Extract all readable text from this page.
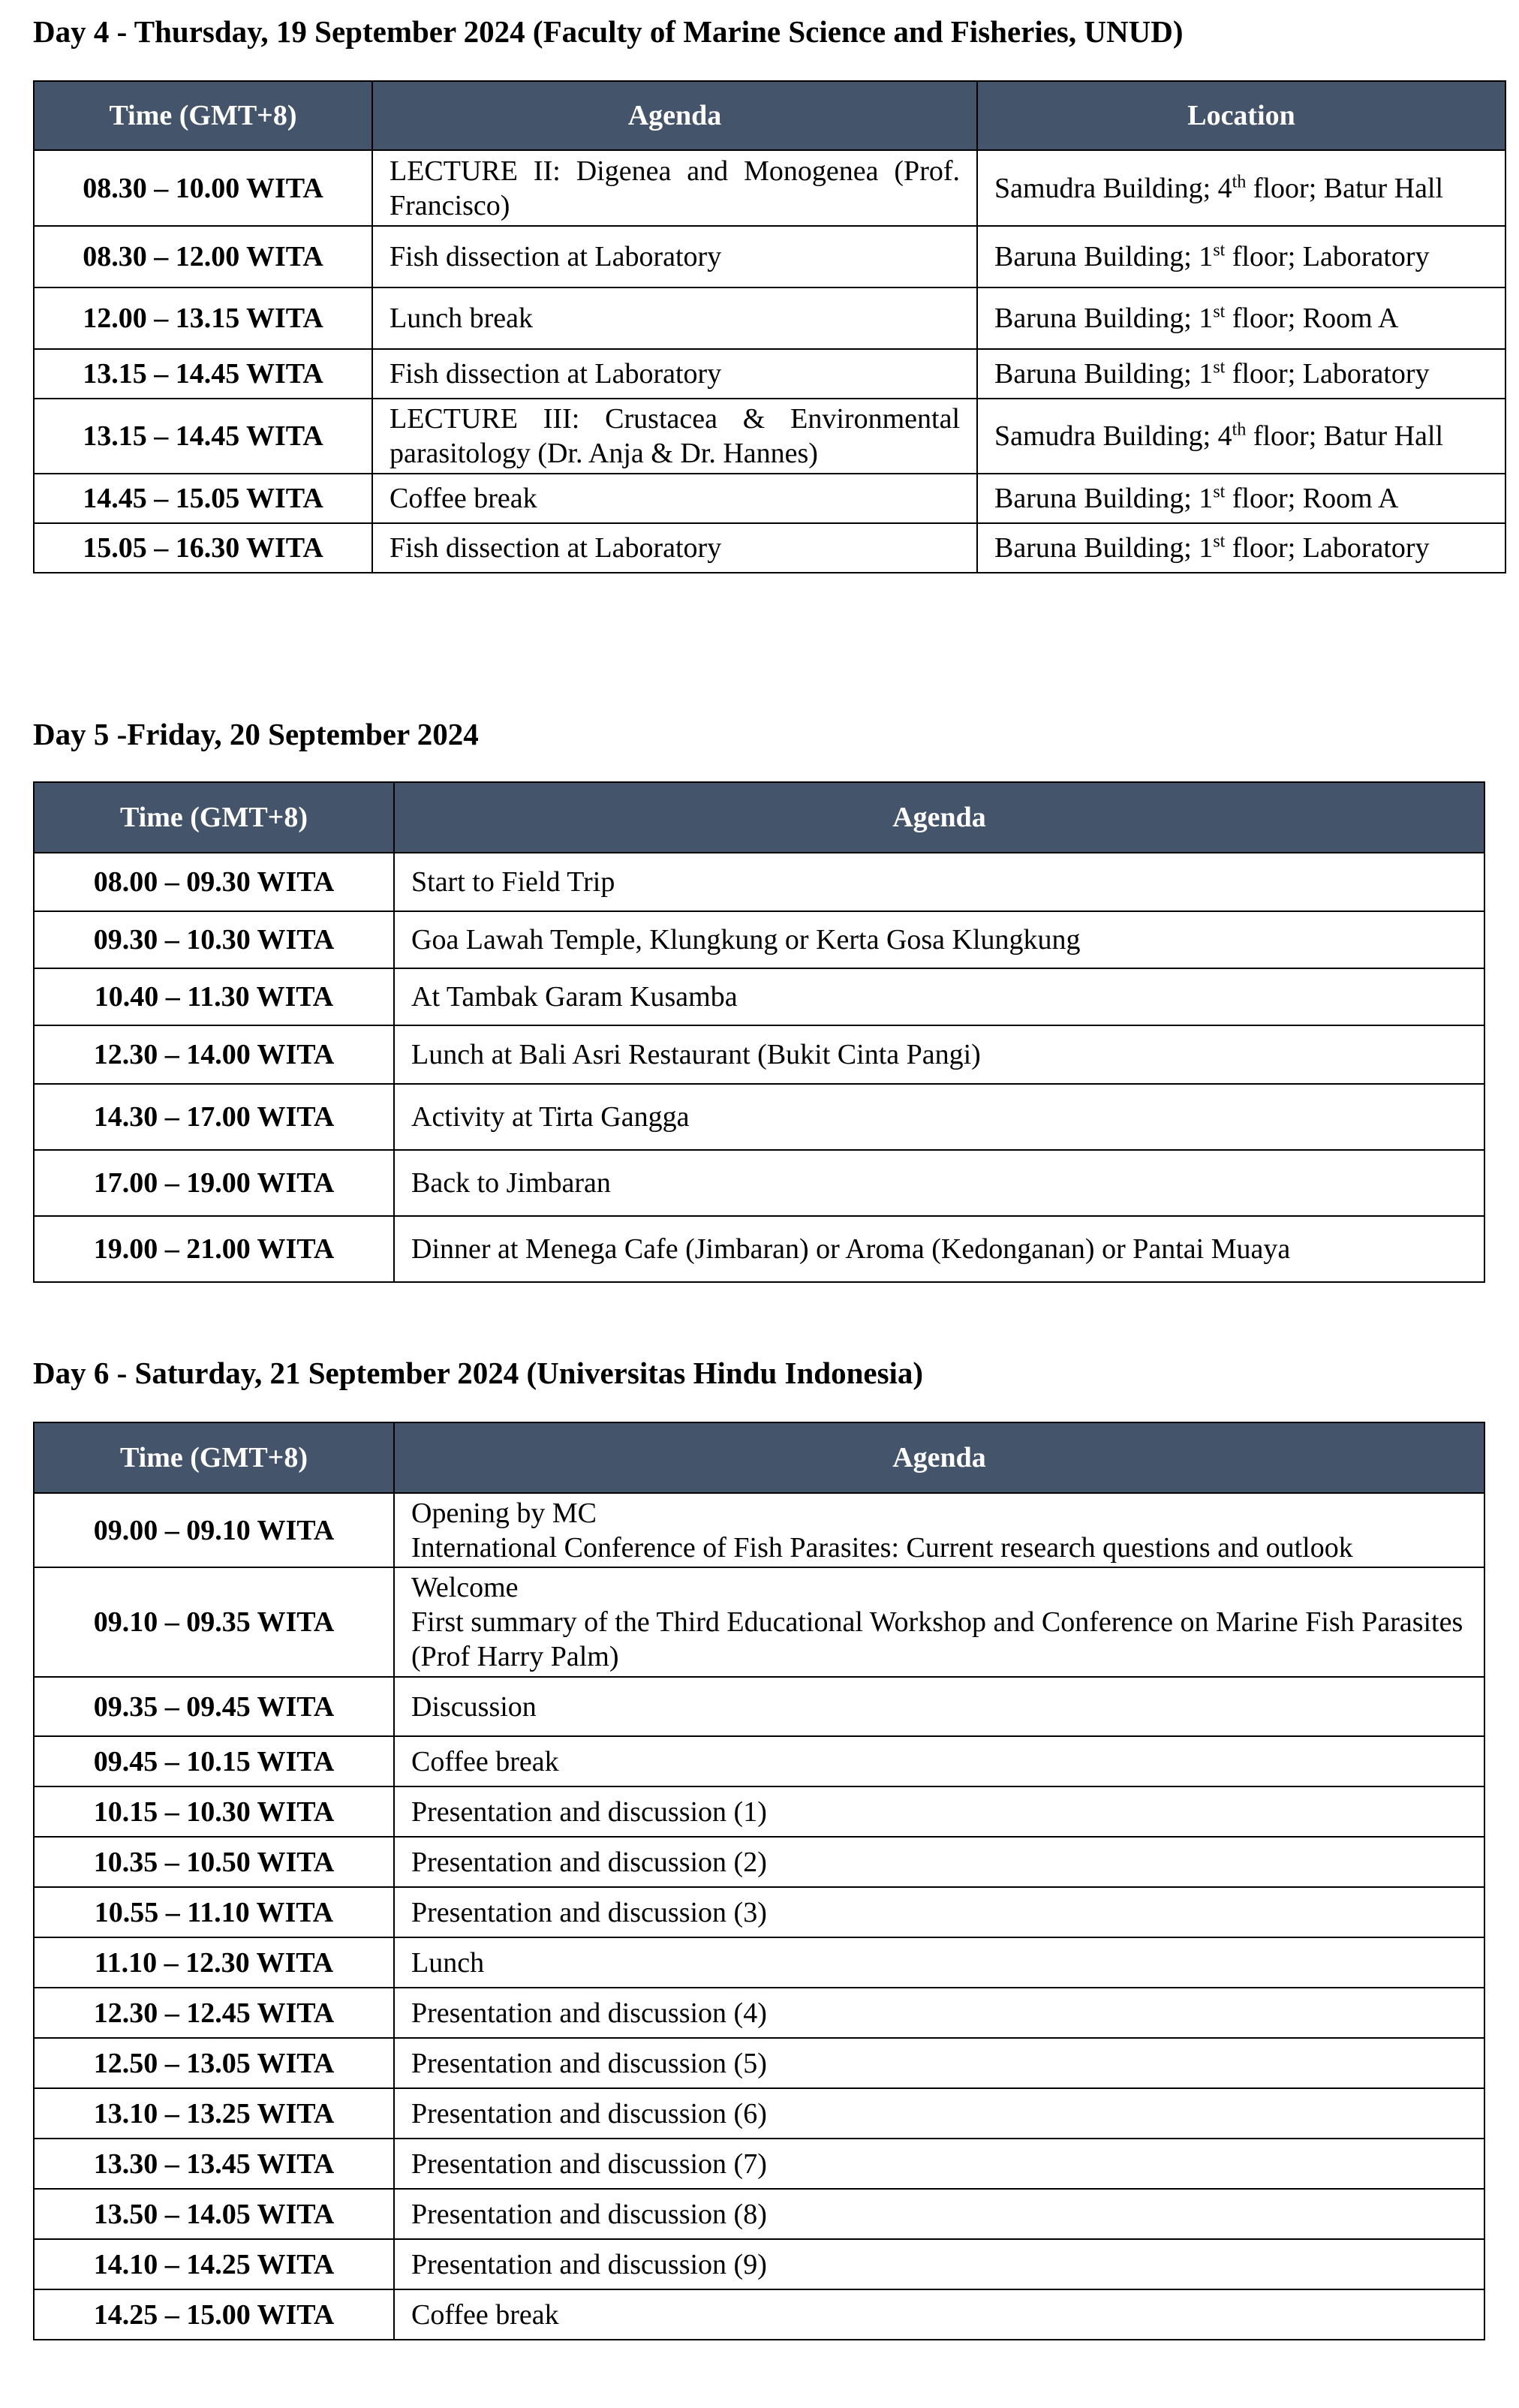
Day 4 - Thursday, 19 September 2024 (Faculty of Marine Science and Fisheries, UNUD)
Time (GMT+8)	Agenda	Location
08.30 – 10.00 WITA	LECTURE II: Digenea and Monogenea (Prof. Francisco)	Samudra Building; 4th floor; Batur Hall
08.30 – 12.00 WITA	Fish dissection at Laboratory	Baruna Building; 1st floor; Laboratory
12.00 – 13.15 WITA	Lunch break	Baruna Building; 1st floor; Room A
13.15 – 14.45 WITA	Fish dissection at Laboratory	Baruna Building; 1st floor; Laboratory
13.15 – 14.45 WITA	LECTURE III: Crustacea & Environmental parasitology (Dr. Anja & Dr. Hannes)	Samudra Building; 4th floor; Batur Hall
14.45 – 15.05 WITA	Coffee break	Baruna Building; 1st floor; Room A
15.05 – 16.30 WITA	Fish dissection at Laboratory	Baruna Building; 1st floor; Laboratory
Day 5 -Friday, 20 September 2024
Time (GMT+8)	Agenda
08.00 – 09.30 WITA	Start to Field Trip
09.30 – 10.30 WITA	Goa Lawah Temple, Klungkung or Kerta Gosa Klungkung
10.40 – 11.30 WITA	At Tambak Garam Kusamba
12.30 – 14.00 WITA	Lunch at Bali Asri Restaurant (Bukit Cinta Pangi)
14.30 – 17.00 WITA	Activity at Tirta Gangga
17.00 – 19.00 WITA	Back to Jimbaran
19.00 – 21.00 WITA	Dinner at Menega Cafe (Jimbaran) or Aroma (Kedonganan) or Pantai Muaya
Day 6 - Saturday, 21 September 2024 (Universitas Hindu Indonesia)
Time (GMT+8)	Agenda
09.00 – 09.10 WITA	Opening by MC
International Conference of Fish Parasites: Current research questions and outlook

09.10 – 09.35 WITA	Welcome
First summary of the Third Educational Workshop and Conference on Marine Fish Parasites (Prof Harry Palm)

09.35 – 09.45 WITA	Discussion
09.45 – 10.15 WITA	Coffee break
10.15 – 10.30 WITA	Presentation and discussion (1)
10.35 – 10.50 WITA	Presentation and discussion (2)
10.55 – 11.10 WITA	Presentation and discussion (3)
11.10 – 12.30 WITA	Lunch
12.30 – 12.45 WITA	Presentation and discussion (4)
12.50 – 13.05 WITA	Presentation and discussion (5)
13.10 – 13.25 WITA	Presentation and discussion (6)
13.30 – 13.45 WITA	Presentation and discussion (7)
13.50 – 14.05 WITA	Presentation and discussion (8)
14.10 – 14.25 WITA	Presentation and discussion (9)
14.25 – 15.00 WITA	Coffee break
